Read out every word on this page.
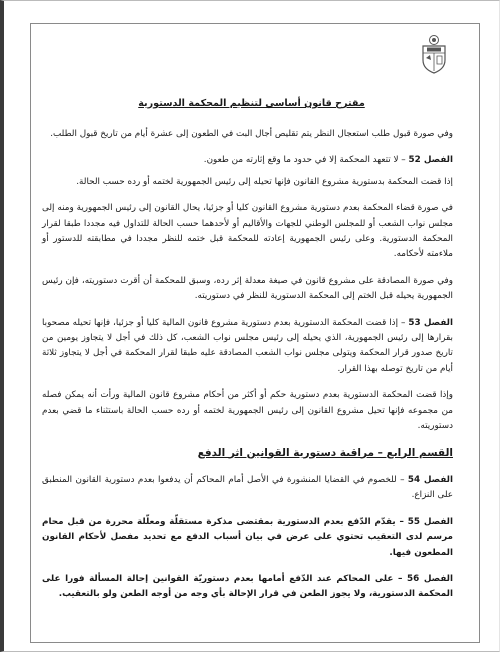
مقترح قانون أساسي لتنظيم المحكمة الدستورية

وفي صورة قبول طلب استعجال النظر يتم تقليص أجال البت في الطعون إلى عشرة أيام من تاريخ قبول الطلب.

الفصل 52 – لا تتعهد المحكمة إلا في حدود ما وقع إثارته من طعون.

إذا قضت المحكمة بدستورية مشروع القانون فإنها تحيله إلى رئيس الجمهورية لختمه أو رده حسب الحالة.

في صورة قضاء المحكمة بعدم دستورية مشروع القانون كليا أو جزئيا، يحال القانون إلى رئيس الجمهورية ومنه إلى مجلس نواب الشعب أو للمجلس الوطني للجهات والأقاليم أو لأحدهما حسب الحالة للتداول فيه مجددا طبقا لقرار المحكمة الدستورية. وعلى رئيس الجمهورية إعادته للمحكمة قبل ختمه للنظر مجددا في مطابقته للدستور أو ملاءمته لأحكامه.

وفي صورة المصادقة على مشروع قانون في صيغة معدلة إثر رده، وسبق للمحكمة أن أقرت دستوريته، فإن رئيس الجمهورية يحيله قبل الختم إلى المحكمة الدستورية للنظر في دستوريته.

الفصل 53 – إذا قضت المحكمة الدستورية بعدم دستورية مشروع قانون المالية كليا أو جزئيا، فإنها تحيله مصحوبا بقرارها إلى رئيس الجمهورية، الذي يحيله إلى رئيس مجلس نواب الشعب، كل ذلك في أجل لا يتجاوز يومين من تاريخ صدور قرار المحكمة ويتولى مجلس نواب الشعب المصادقة عليه طبقا لقرار المحكمة في أجل لا يتجاوز ثلاثة أيام من تاريخ توصله بهذا القرار.

وإذا قضت المحكمة الدستورية بعدم دستورية حكم أو أكثر من أحكام مشروع قانون المالية ورأت أنه يمكن فصله من مجموعه فإنها تحيل مشروع القانون إلى رئيس الجمهورية لختمه أو رده حسب الحالة باستثناء ما قضي بعدم دستوريته.

القسم الرابع – مراقبة دستورية القوانين اثر الدفع

الفصل 54 – للخصوم في القضايا المنشورة في الأصل أمام المحاكم أن يدفعوا بعدم دستورية القانون المنطبق على النزاع.

الفصل 55 – يقدّم الدّفع بعدم الدستورية بمقتضى مذكرة مستقلّة ومعلّلة محررة من قبل محام مرسم لدى التعقيب تحتوي على عرض في بيان أسباب الدفع مع تحديد مفصل لأحكام القانون المطعون فيها.

الفصل 56 – على المحاكم عند الدّفع أمامها بعدم دستوريّة القوانين إحالة المسألة فورا على المحكمة الدستورية، ولا يجوز الطعن في قرار الإحالة بأي وجه من أوجه الطعن ولو بالتعقيب.
